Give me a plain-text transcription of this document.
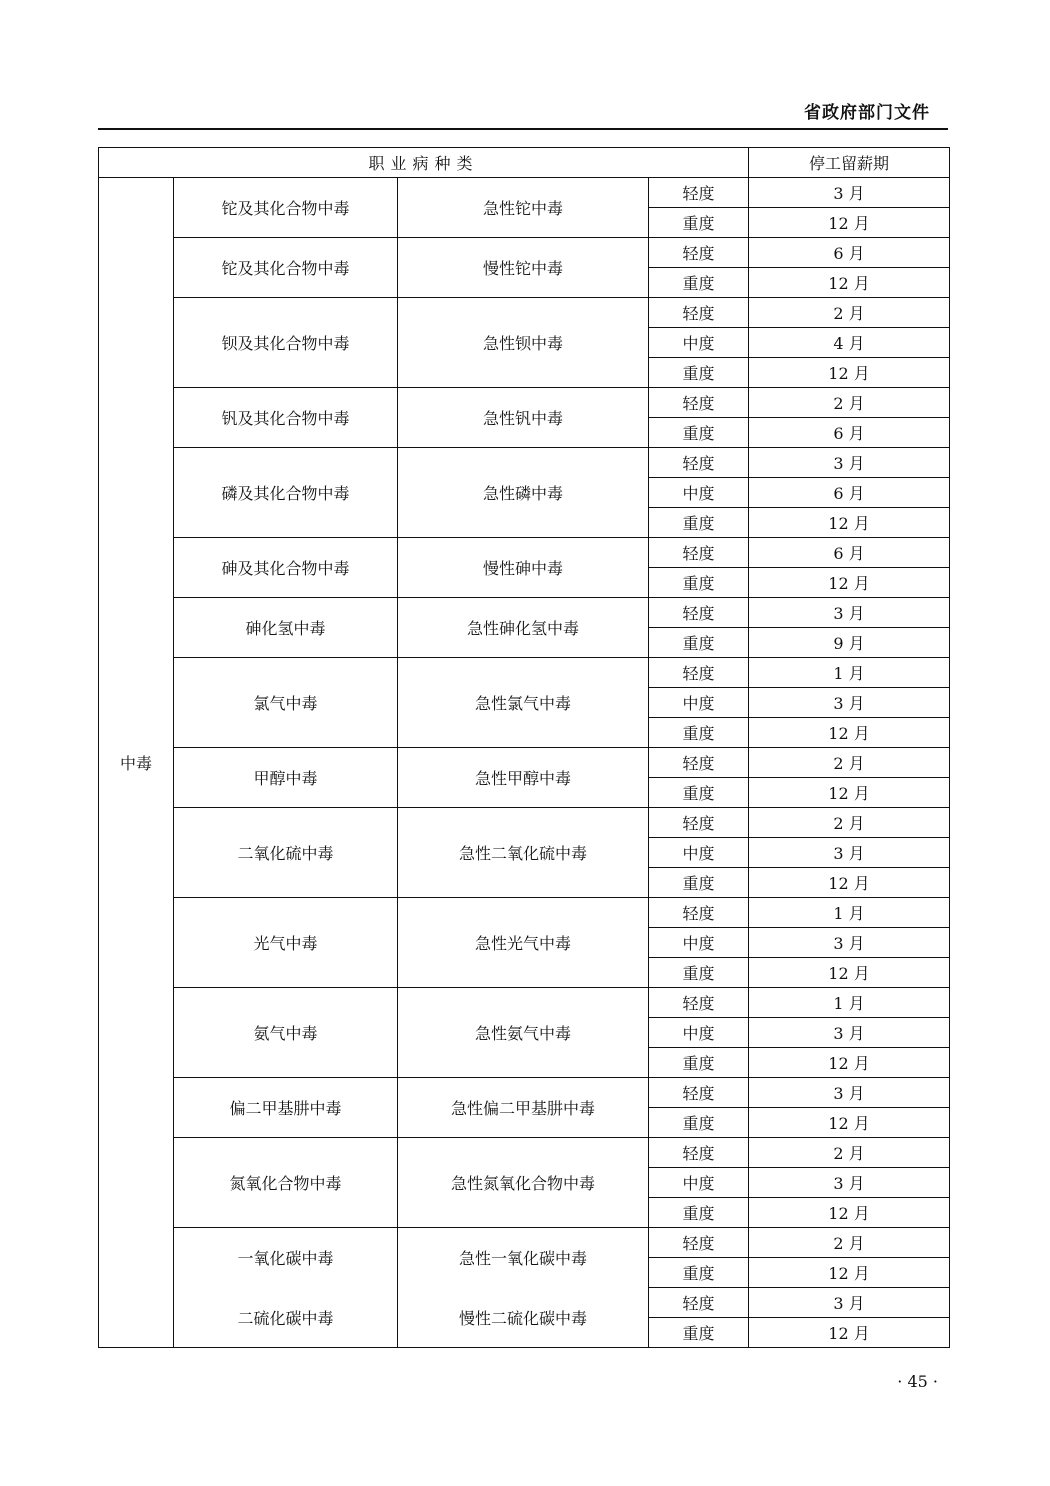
省政府部门文件
职业病种类				停工留薪期
中毒	铊及其化合物中毒	急性铊中毒	轻度	3 月
			重度	12 月
	铊及其化合物中毒	慢性铊中毒	轻度	6 月
			重度	12 月
	钡及其化合物中毒	急性钡中毒	轻度	2 月
			中度	4 月
			重度	12 月
	钒及其化合物中毒	急性钒中毒	轻度	2 月
			重度	6 月
	磷及其化合物中毒	急性磷中毒	轻度	3 月
			中度	6 月
			重度	12 月
	砷及其化合物中毒	慢性砷中毒	轻度	6 月
			重度	12 月
	砷化氢中毒	急性砷化氢中毒	轻度	3 月
			重度	9 月
	氯气中毒	急性氯气中毒	轻度	1 月
			中度	3 月
			重度	12 月
	甲醇中毒	急性甲醇中毒	轻度	2 月
			重度	12 月
	二氧化硫中毒	急性二氧化硫中毒	轻度	2 月
			中度	3 月
			重度	12 月
	光气中毒	急性光气中毒	轻度	1 月
			中度	3 月
			重度	12 月
	氨气中毒	急性氨气中毒	轻度	1 月
			中度	3 月
			重度	12 月
	偏二甲基肼中毒	急性偏二甲基肼中毒	轻度	3 月
			重度	12 月
	氮氧化合物中毒	急性氮氧化合物中毒	轻度	2 月
			中度	3 月
			重度	12 月
	一氧化碳中毒	急性一氧化碳中毒	轻度	2 月
			重度	12 月
	二硫化碳中毒	慢性二硫化碳中毒	轻度	3 月
			重度	12 月
· 45 ·
